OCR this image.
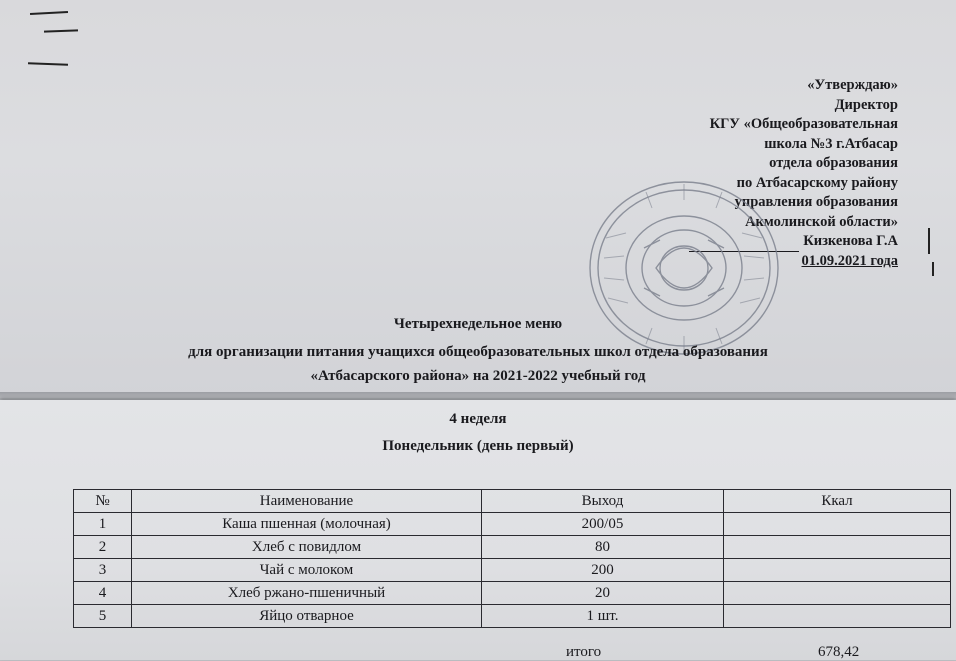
«Утверждаю»
Директор
КГУ «Общеобразовательная
школа №3 г.Атбасар
отдела образования
по Атбасарскому району
управления образования
Акмолинской области»
Кизкенова Г.А
01.09.2021 года
Четырехнедельное меню
для организации питания учащихся общеобразовательных школ отдела образования
«Атбасарского района» на 2021-2022 учебный год
4 неделя
Понедельник (день первый)
№	Наименование	Выход	Ккал
1	Каша пшенная (молочная)	200/05	
2	Хлеб с повидлом	80	
3	Чай с молоком	200	
4	Хлеб ржано-пшеничный	20	
5	Яйцо отварное	1 шт.	
итого	678,42
